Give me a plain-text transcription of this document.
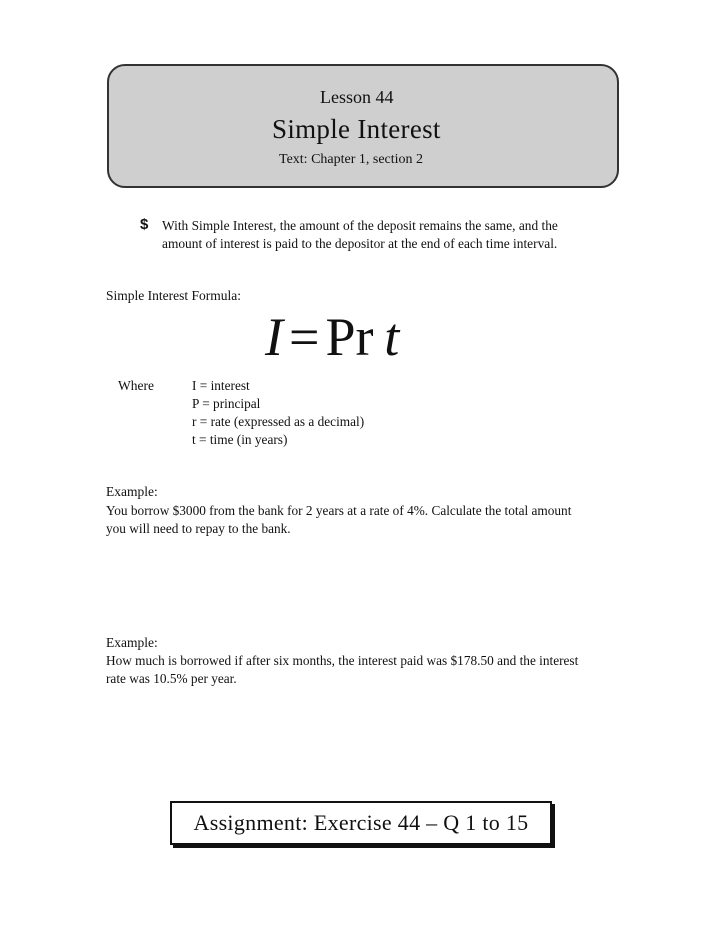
Lesson 44
Simple Interest
Text: Chapter 1, section 2
$ With Simple Interest, the amount of the deposit remains the same, and the
amount of interest is paid to the depositor at the end of each time interval.
Simple Interest Formula:
I = Pr  t
Where	I = interest
P = principal
r = rate (expressed as a decimal)
t = time (in years)
Example:
You borrow $3000 from the bank for 2 years at a rate of 4%. Calculate the total amount
you will need to repay to the bank.
Example:
How much is borrowed if after six months, the interest paid was $178.50 and the interest
rate was 10.5% per year.
Assignment: Exercise 44 – Q 1 to 15
